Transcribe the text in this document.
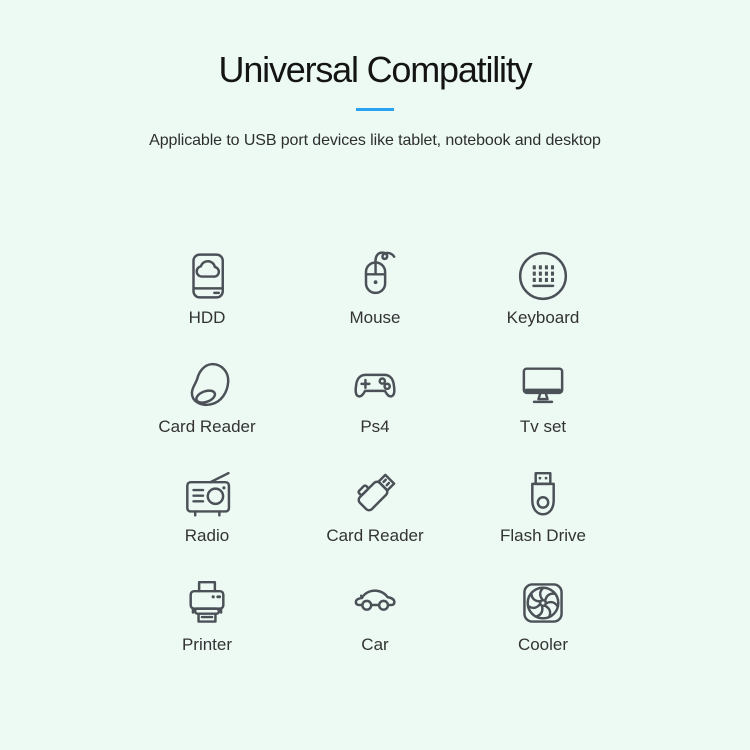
Universal Compatility
Applicable to USB port devices like tablet, notebook and desktop
HDD	Mouse	Keyboard
Card Reader	Ps4	Tv set
Radio	Card Reader	Flash Drive
Printer	Car	Cooler
